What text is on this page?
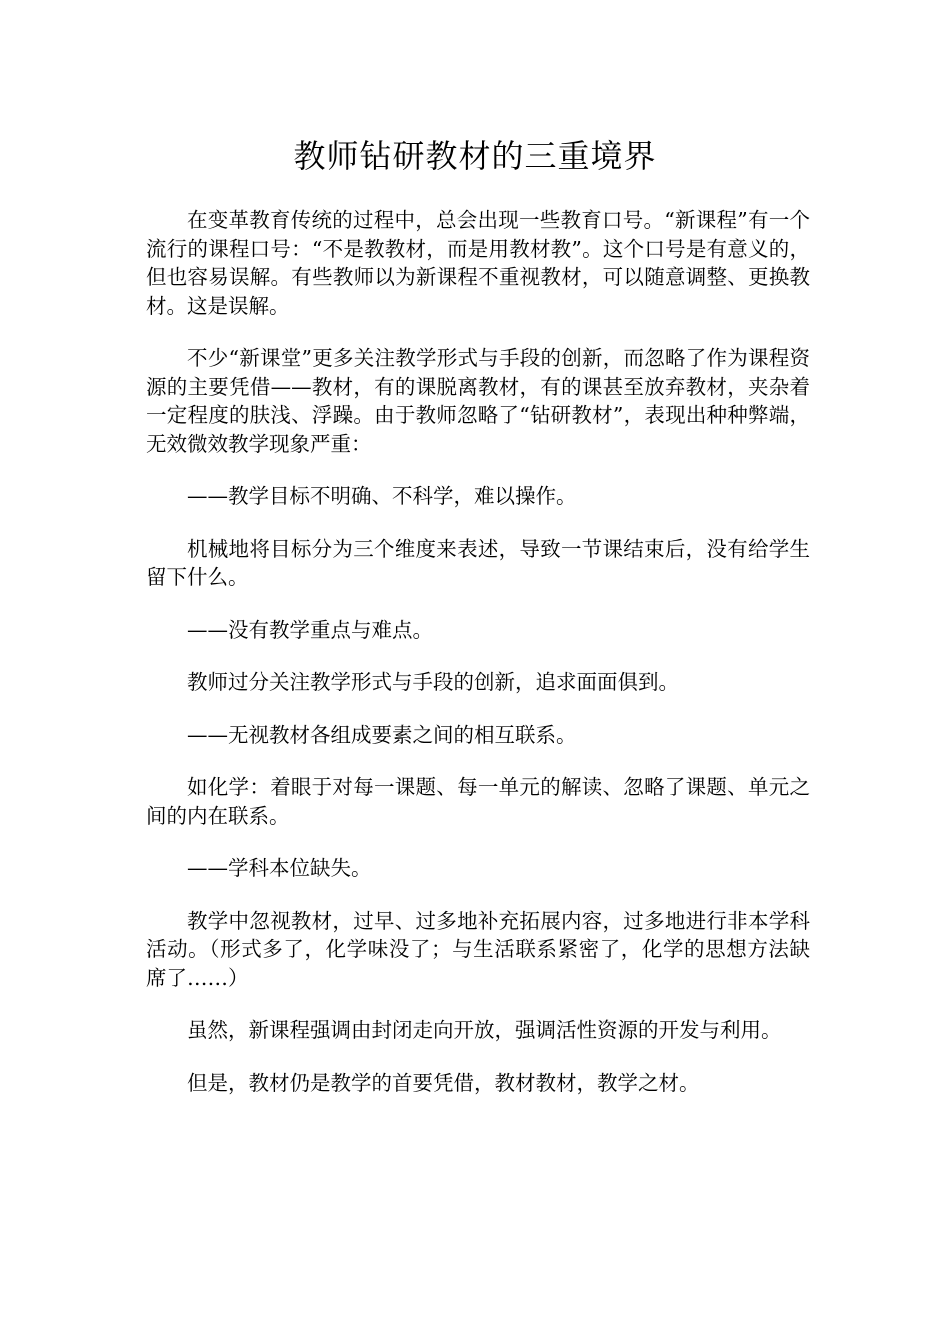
教师钻研教材的三重境界

在变革教育传统的过程中，总会出现一些教育口号。“新课程”有一个流行的课程口号：“不是教教材，而是用教材教”。这个口号是有意义的，但也容易误解。有些教师以为新课程不重视教材，可以随意调整、更换教材。这是误解。

不少“新课堂”更多关注教学形式与手段的创新，而忽略了作为课程资源的主要凭借——教材，有的课脱离教材，有的课甚至放弃教材，夹杂着一定程度的肤浅、浮躁。由于教师忽略了“钻研教材”，表现出种种弊端，无效微效教学现象严重：

——教学目标不明确、不科学，难以操作。

机械地将目标分为三个维度来表述，导致一节课结束后，没有给学生留下什么。

——没有教学重点与难点。

教师过分关注教学形式与手段的创新，追求面面俱到。

——无视教材各组成要素之间的相互联系。

如化学：着眼于对每一课题、每一单元的解读、忽略了课题、单元之间的内在联系。

——学科本位缺失。

教学中忽视教材，过早、过多地补充拓展内容，过多地进行非本学科活动。（形式多了，化学味没了；与生活联系紧密了，化学的思想方法缺席了……）

虽然，新课程强调由封闭走向开放，强调活性资源的开发与利用。

但是，教材仍是教学的首要凭借，教材教材，教学之材。
